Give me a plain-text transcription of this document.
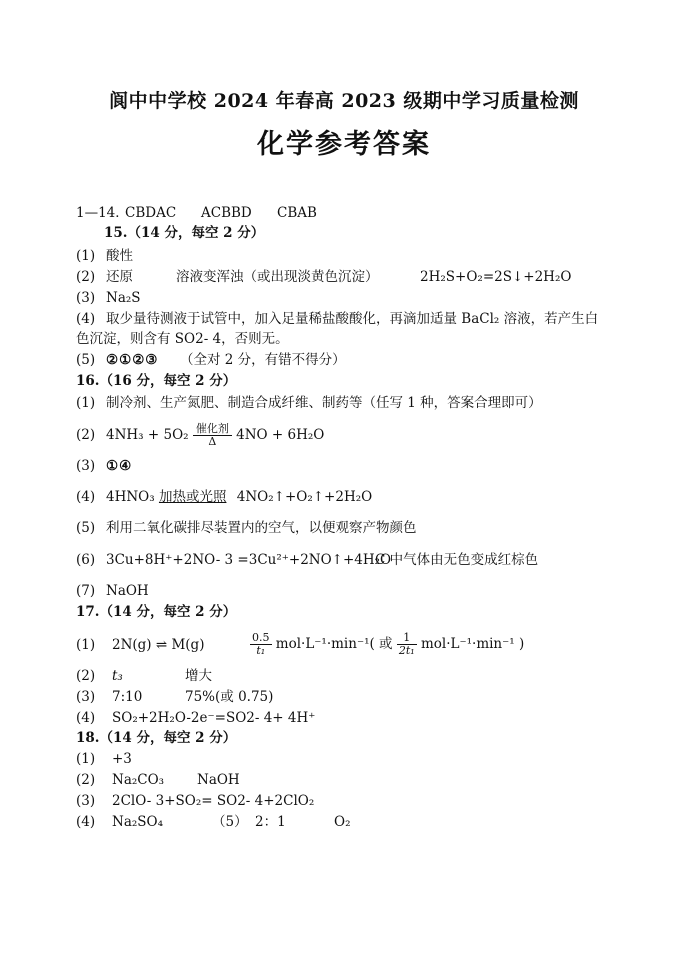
阆中中学校 2024 年春高 2023 级期中学习质量检测
化学参考答案
1—14．
CBDAC ACBBD CBAB
15.（14 分，每空 2 分）
(1) 酸性
(2) 还原	溶液变浑浊（或出现淡黄色沉淀）	2H₂S+O₂=2S↓+2H₂O
(3) Na₂S
(4) 取少量待测液于试管中，加入足量稀盐酸酸化，再滴加适量 BaCl₂ 溶液，若产生白
色沉淀，则含有 SO2- 4，否则无。
(5) ②①②③ （全对 2 分，有错不得分）
16.（16 分，每空 2 分）
(1) 制冷剂、生产氮肥、制造合成纤维、制药等（任写 1 种，答案合理即可）
(2) 4NH₃ + 5O₂ 催化剂
Δ	4NO + 6H₂O
(3) ①④
(4) 4HNO₃ 加热或光照 4NO₂↑+O₂↑+2H₂O
(5) 利用二氧化碳排尽装置内的空气，以便观察产物颜色
(6) 3Cu+8H⁺+2NO- 3 =3Cu²⁺+2NO↑+4H₂O
C 中气体由无色变成红棕色
(7) NaOH
17.（14 分，每空 2 分）
(1) 2N(g) ⇌ M(g)	$\frac{0.5}{\text{t₁}} mol\cdot L^{-1}\cdot\min^{-1}$( 或 $\frac{1}{\text{2t₁}} mol\cdot L^{-1}\cdot\min^{-1}$ )
(2) t₃	增大
(3) 7:10	75%(或 0.75)
(4) SO₂+2H₂O-2e⁻=SO2- 4+ 4H⁺
18.（14 分，每空 2 分）
(1) +3
(2) Na₂CO₃ NaOH
(3) 2ClO- 3+SO₂= SO2- 4+2ClO₂
(4) Na₂SO₄	（5） 2：1	O₂
